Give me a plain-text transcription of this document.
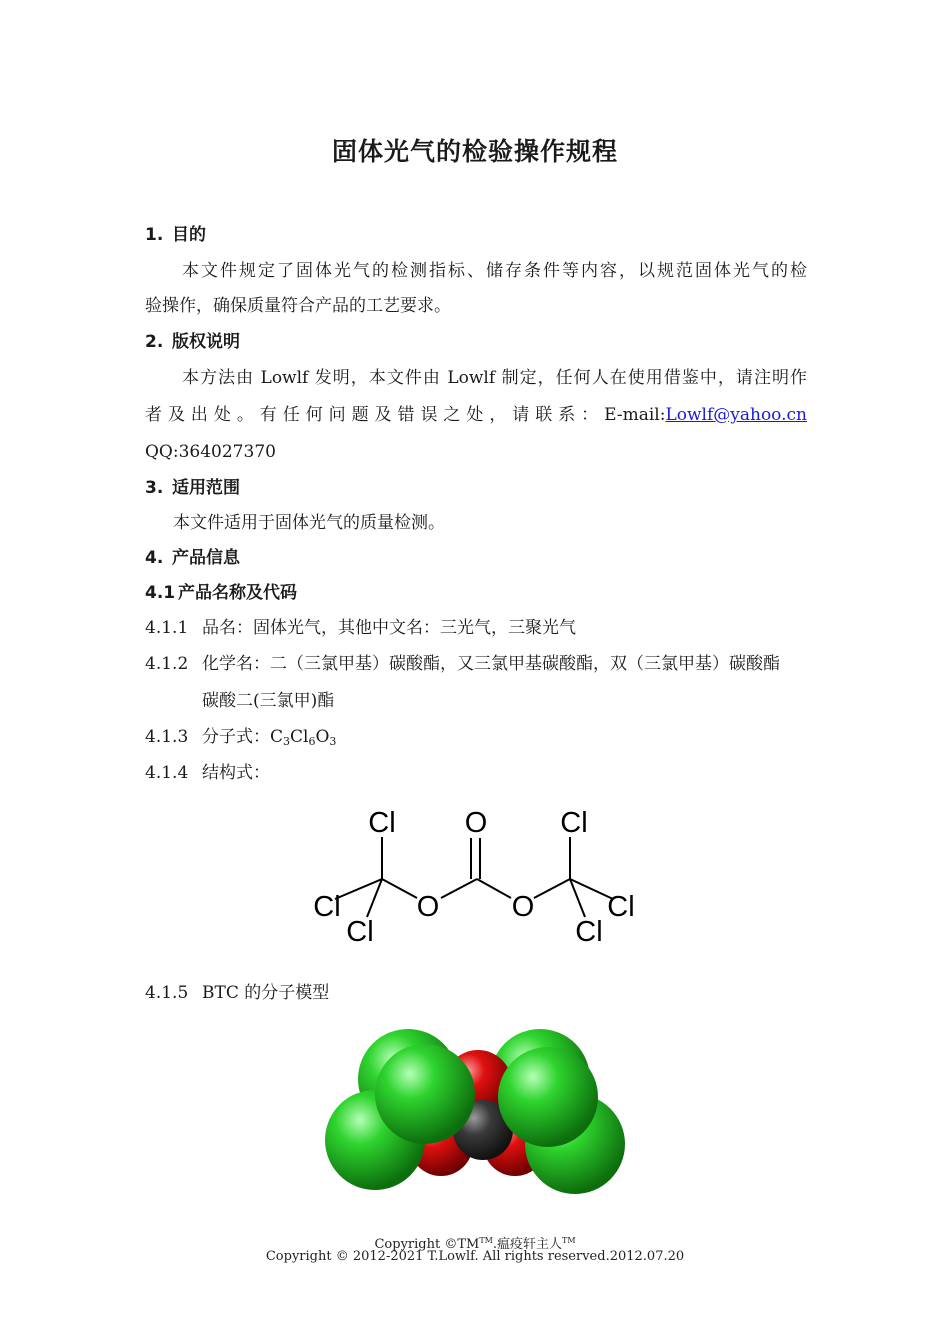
固体光气的检验操作规程
1. 目的
本文件规定了固体光气的检测指标、储存条件等内容，以规范固体光气的检
验操作，确保质量符合产品的工艺要求。
2. 版权说明
本方法由 Lowlf 发明，本文件由 Lowlf 制定，任何人在使用借鉴中，请注明作
者 及 出 处 。 有 任 何 问 题 及 错 误 之 处 ， 请 联 系 ： E-mail:Lowlf@yahoo.cn
QQ:364027370
3. 适用范围
本文件适用于固体光气的质量检测。
4. 产品信息
4.1 产品名称及代码
4.1.1 品名：固体光气，其他中文名：三光气，三聚光气
4.1.2 化学名：二（三氯甲基）碳酸酯，又三氯甲基碳酸酯，双（三氯甲基）碳酸酯
碳酸二(三氯甲)酯
4.1.3 分子式：$C_3Cl_6O_3$
4.1.4 结构式：
Cl O	Cl
Cl	O O	Cl
Cl	Cl
4.1.5 BTC 的分子模型
Copyright ©TM™.瘟疫轩主人™
Copyright © 2012-2021 T.Lowlf. All rights reserved.2012.07.20
